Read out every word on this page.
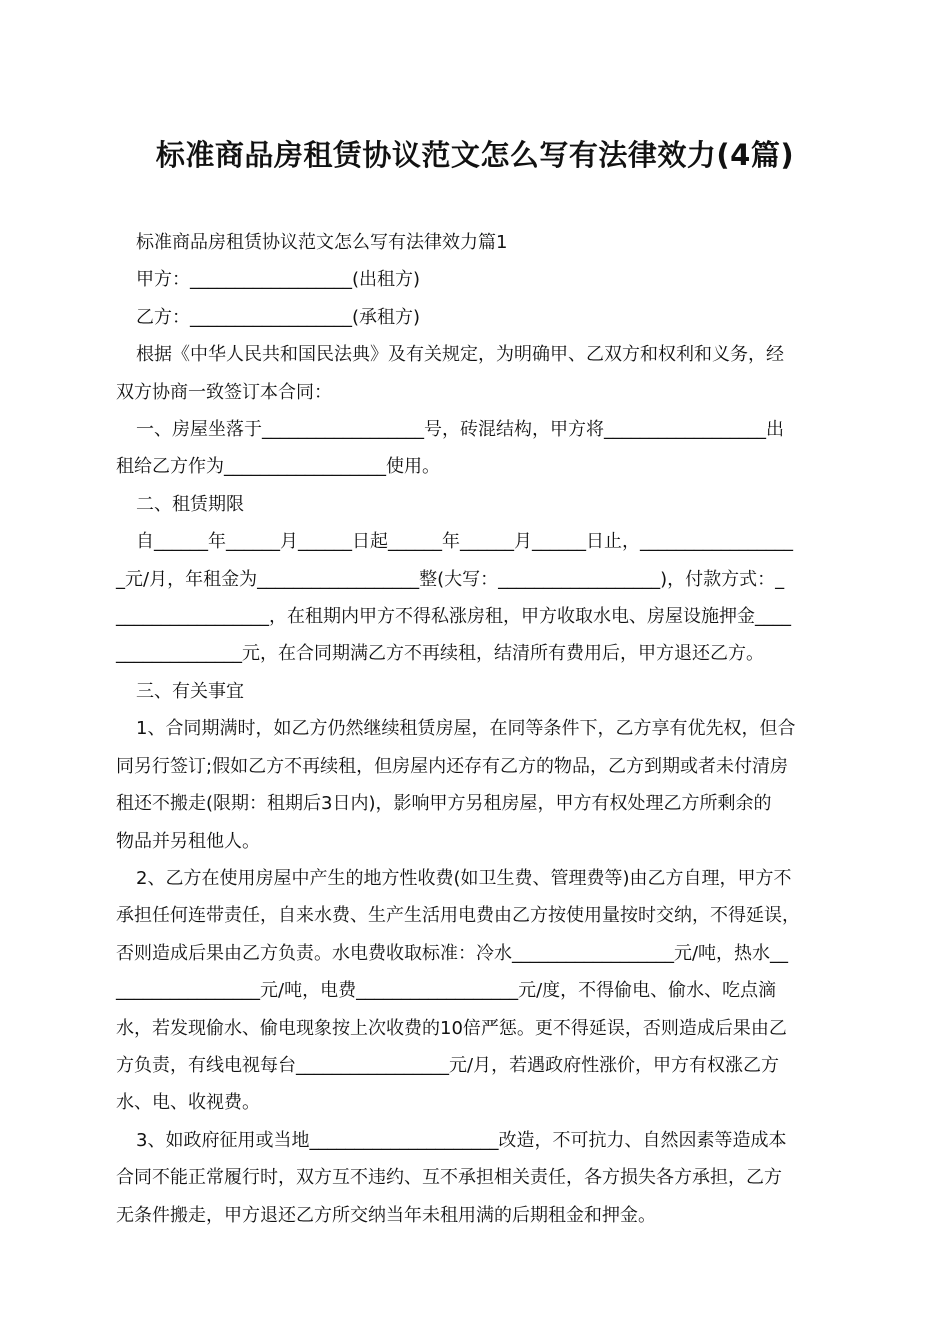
标准商品房租赁协议范文怎么写有法律效力(4篇)

标准商品房租赁协议范文怎么写有法律效力篇1

甲方：__________________(出租方)

乙方：__________________(承租方)

根据《中华人民共和国民法典》及有关规定，为明确甲、乙双方和权利和义务，经

双方协商一致签订本合同：

一、房屋坐落于__________________号，砖混结构，甲方将__________________出

租给乙方作为__________________使用。

二、租赁期限

自______年______月______日起______年______月______日止，_________________

_元/月，年租金为__________________整(大写：__________________)，付款方式：_

_________________，在租期内甲方不得私涨房租，甲方收取水电、房屋设施押金____

______________元，在合同期满乙方不再续租，结清所有费用后，甲方退还乙方。

三、有关事宜

1、合同期满时，如乙方仍然继续租赁房屋，在同等条件下，乙方享有优先权，但合

同另行签订;假如乙方不再续租，但房屋内还存有乙方的物品，乙方到期或者未付清房

租还不搬走(限期：租期后3日内)，影响甲方另租房屋，甲方有权处理乙方所剩余的

物品并另租他人。

2、乙方在使用房屋中产生的地方性收费(如卫生费、管理费等)由乙方自理，甲方不

承担任何连带责任，自来水费、生产生活用电费由乙方按使用量按时交纳，不得延误，

否则造成后果由乙方负责。水电费收取标准：冷水__________________元/吨，热水__

________________元/吨，电费__________________元/度，不得偷电、偷水、吃点滴

水，若发现偷水、偷电现象按上次收费的10倍严惩。更不得延误，否则造成后果由乙

方负责，有线电视每台_________________元/月，若遇政府性涨价，甲方有权涨乙方

水、电、收视费。

3、如政府征用或当地_____________________改造，不可抗力、自然因素等造成本

合同不能正常履行时，双方互不违约、互不承担相关责任，各方损失各方承担，乙方

无条件搬走，甲方退还乙方所交纳当年未租用满的后期租金和押金。
